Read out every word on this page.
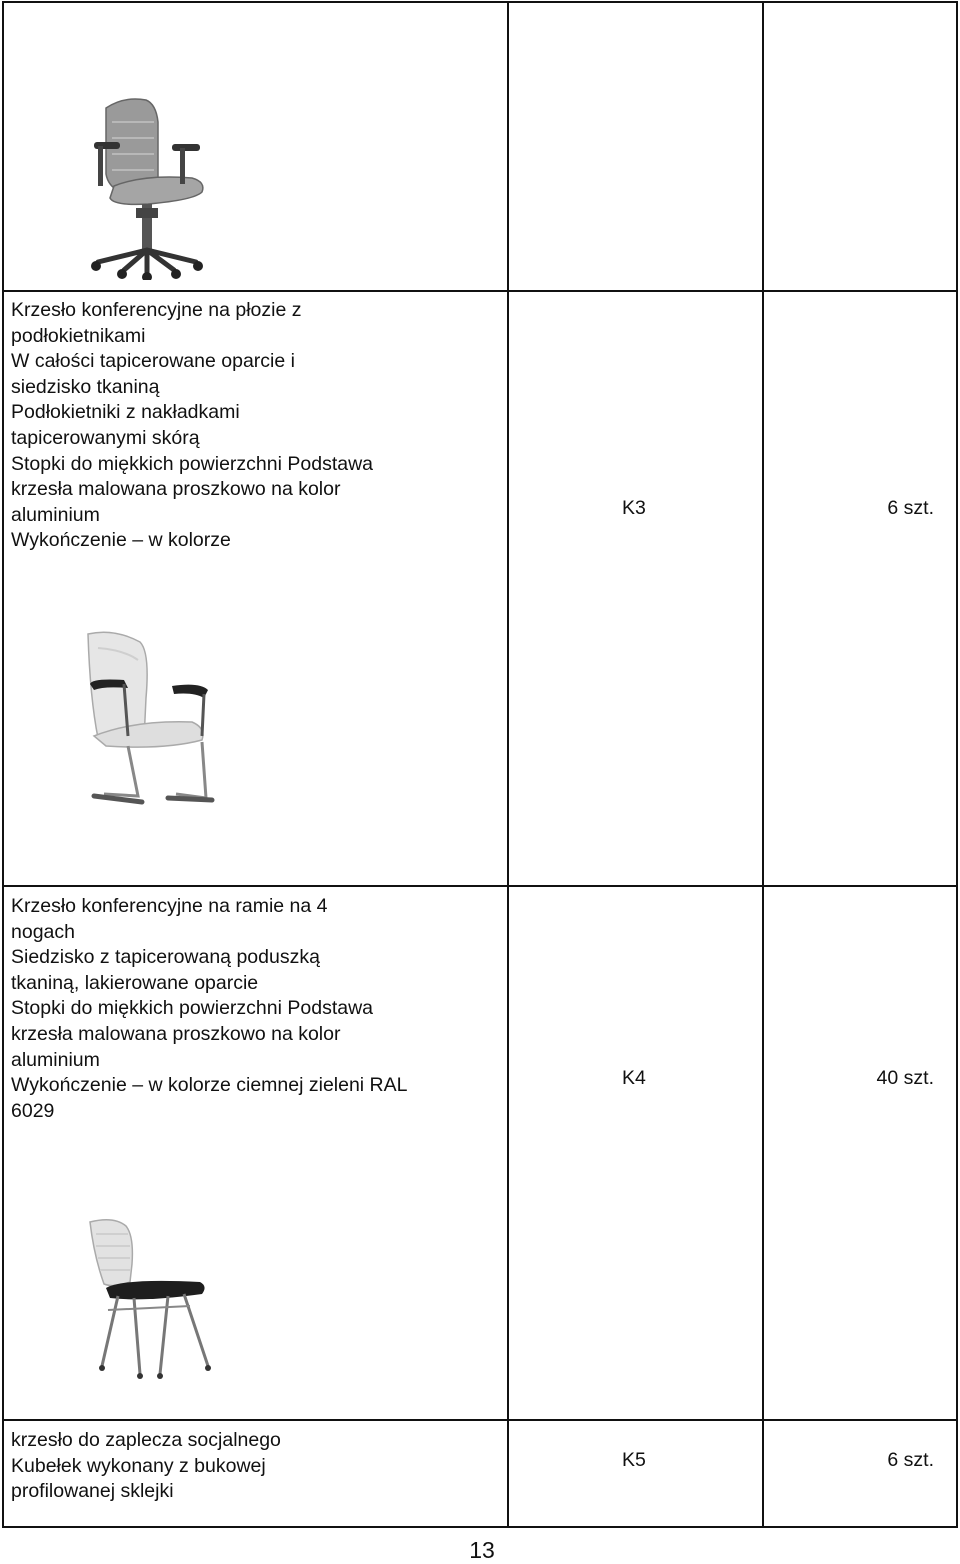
Krzesło konferencyjne na płozie z
podłokietnikami
W całości tapicerowane oparcie i
siedzisko tkaniną
Podłokietniki z nakładkami
tapicerowanymi skórą
Stopki do miękkich powierzchni Podstawa
krzesła malowana proszkowo na kolor
aluminium
Wykończenie – w kolorze
K3	6 szt.
Krzesło konferencyjne na ramie na 4
nogach
Siedzisko z tapicerowaną poduszką
tkaniną, lakierowane oparcie
Stopki do miękkich powierzchni Podstawa
krzesła malowana proszkowo na kolor
aluminium
Wykończenie – w kolorze ciemnej zieleni RAL
6029
K4	40 szt.
krzesło do zaplecza socjalnego
Kubełek wykonany z bukowej
profilowanej sklejki
K5	6 szt.
13
